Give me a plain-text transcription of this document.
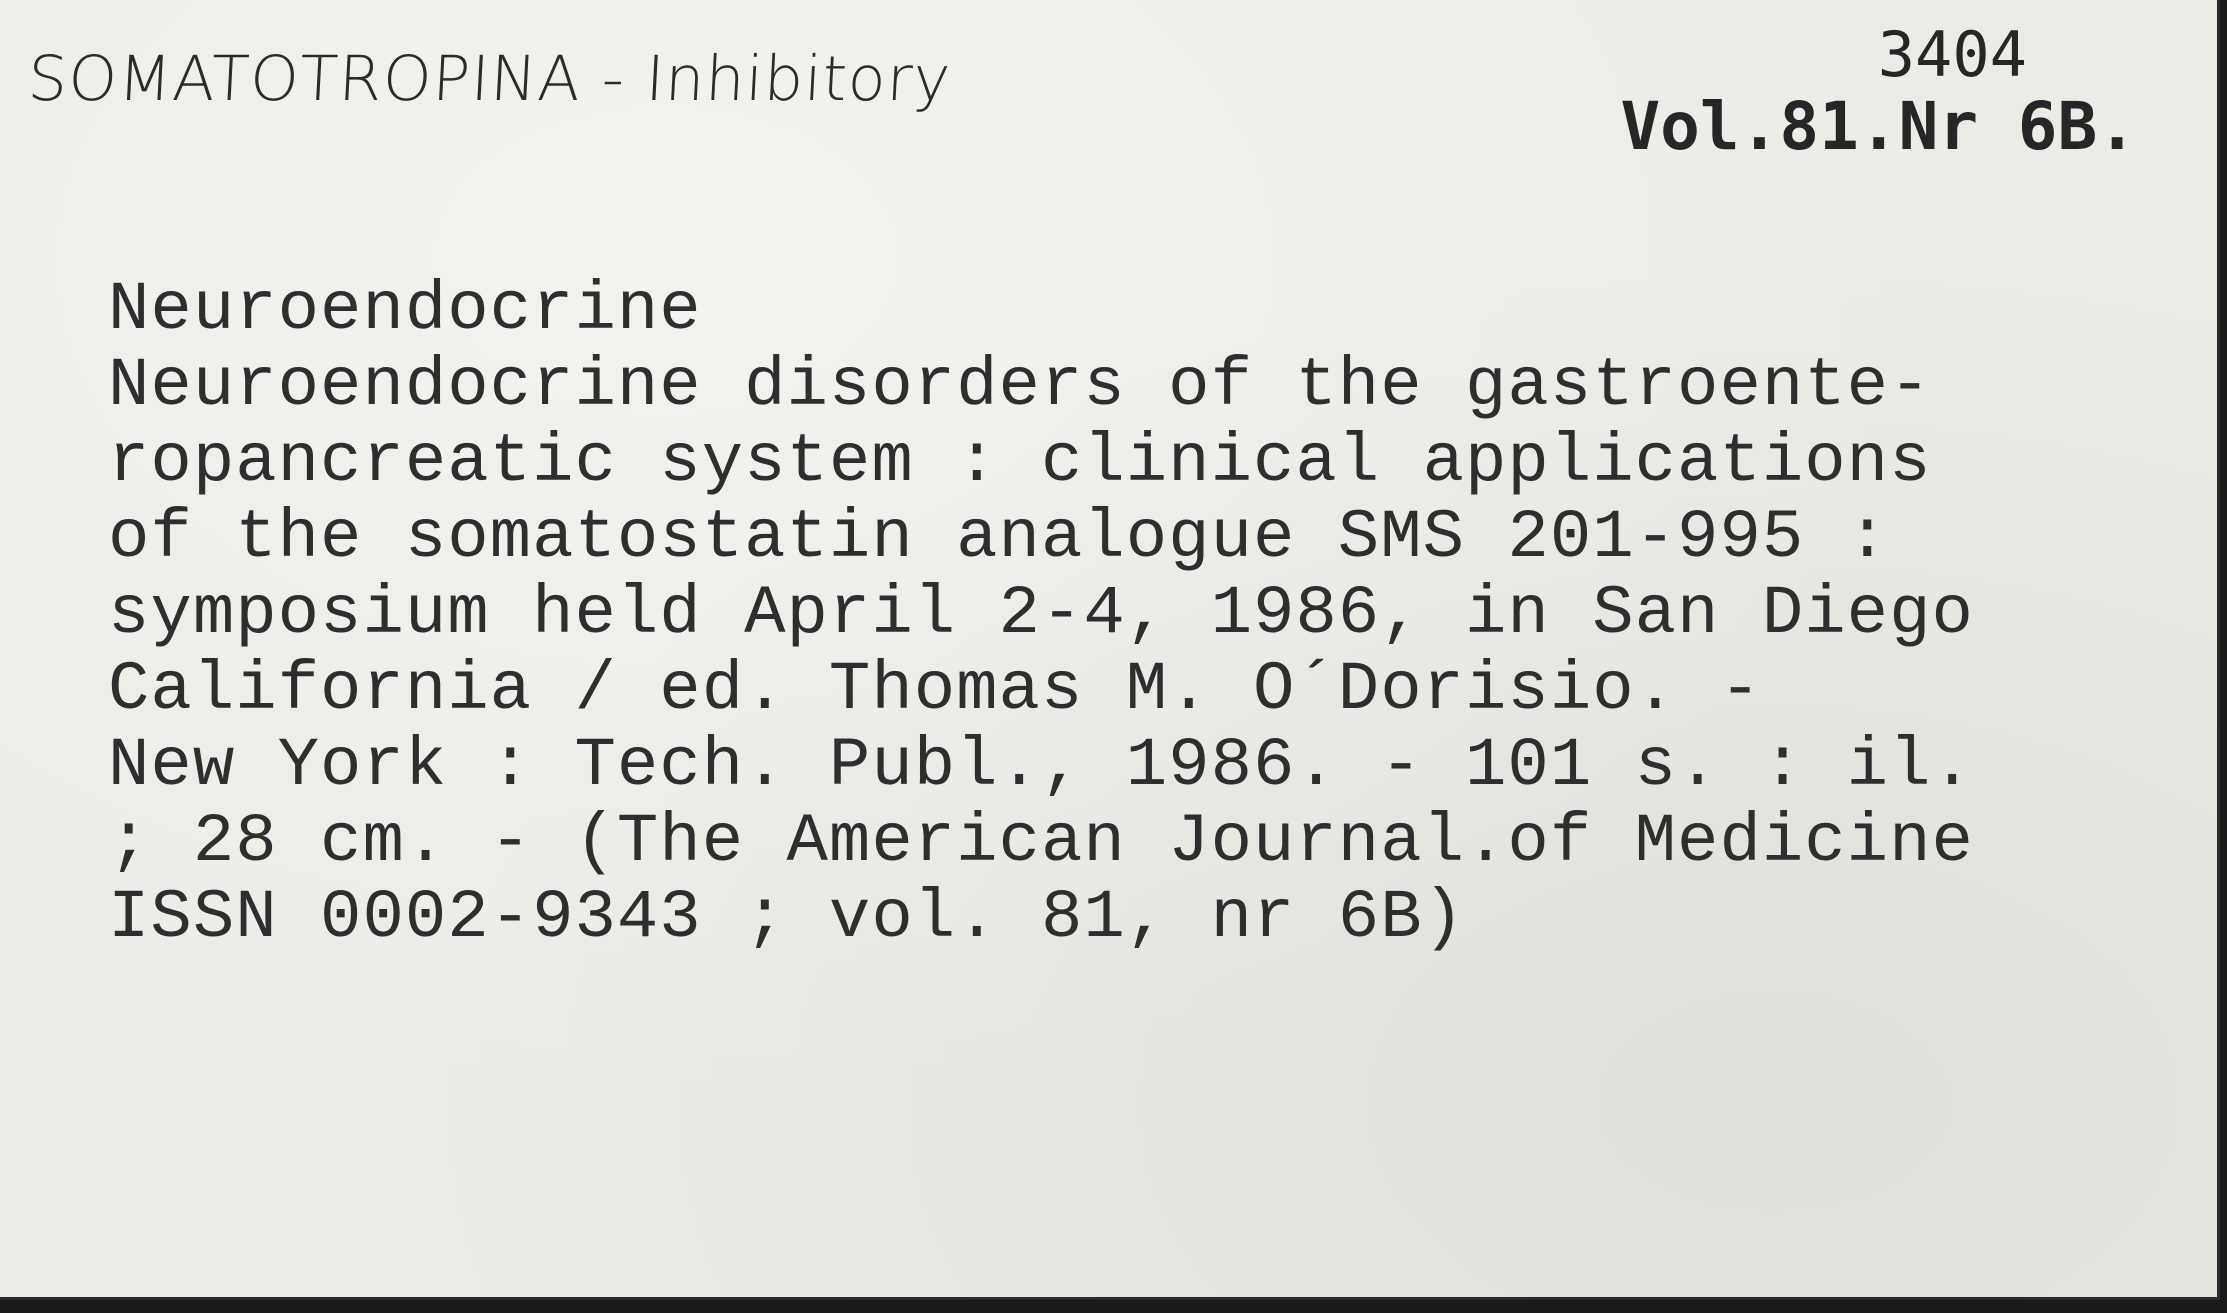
SOMATOTROPINA - Inhibitory	3404
Vol.81.Nr 6B.
Neuroendocrine
Neuroendocrine disorders of the gastroente-
ropancreatic system : clinical applications
of the somatostatin analogue SMS 201-995 :
symposium held April 2-4, 1986, in San Diego
California / ed. Thomas M. O´Dorisio. -
New York : Tech. Publ., 1986. - 101 s. : il.
; 28 cm. - (The American Journal.of Medicine
ISSN 0002-9343 ; vol. 81, nr 6B)
